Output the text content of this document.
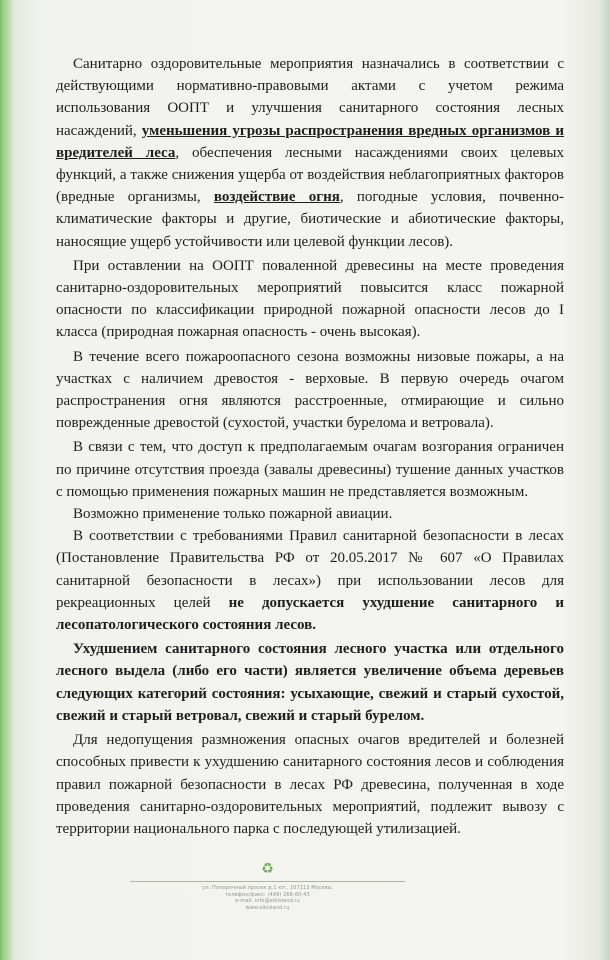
Санитарно оздоровительные мероприятия назначались в соответствии с действующими нормативно-правовыми актами с учетом режима использования ООПТ и улучшения санитарного состояния лесных насаждений, уменьшения угрозы распространения вредных организмов и вредителей леса, обеспечения лесными насаждениями своих целевых функций, а также снижения ущерба от воздействия неблагоприятных факторов (вредные организмы, воздействие огня, погодные условия, почвенно-климатические факторы и другие, биотические и абиотические факторы, наносящие ущерб устойчивости или целевой функции лесов).

При оставлении на ООПТ поваленной древесины на месте проведения санитарно-оздоровительных мероприятий повысится класс пожарной опасности по классификации природной пожарной опасности лесов до I класса (природная пожарная опасность - очень высокая).

В течение всего пожароопасного сезона возможны низовые пожары, а на участках с наличием древостоя - верховые. В первую очередь очагом распространения огня являются расстроенные, отмирающие и сильно поврежденные древостой (сухостой, участки бурелома и ветровала).

В связи с тем, что доступ к предполагаемым очагам возгорания ограничен по причине отсутствия проезда (завалы древесины) тушение данных участков с помощью применения пожарных машин не представляется возможным.

Возможно применение только пожарной авиации.

В соответствии с требованиями Правил санитарной безопасности в лесах (Постановление Правительства РФ от 20.05.2017 № 607 «О Правилах санитарной безопасности в лесах») при использовании лесов для рекреационных целей не допускается ухудшение санитарного и лесопатологического состояния лесов.

Ухудшением санитарного состояния лесного участка или отдельного лесного выдела (либо его части) является увеличение объема деревьев следующих категорий состояния: усыхающие, свежий и старый сухостой, свежий и старый ветровал, свежий и старый бурелом.

Для недопущения размножения опасных очагов вредителей и болезней способных привести к ухудшению санитарного состояния лесов и соблюдения правил пожарной безопасности в лесах РФ древесина, полученная в ходе проведения санитарно-оздоровительных мероприятий, подлежит вывозу с территории национального парка с последующей утилизацией.

♻
ул. Поперечный просек д.1 кл., 107113 Москва,
телефон/факс: (499) 268-60-43
e-mail: info@elkisland.ru
www.elkisland.ru
